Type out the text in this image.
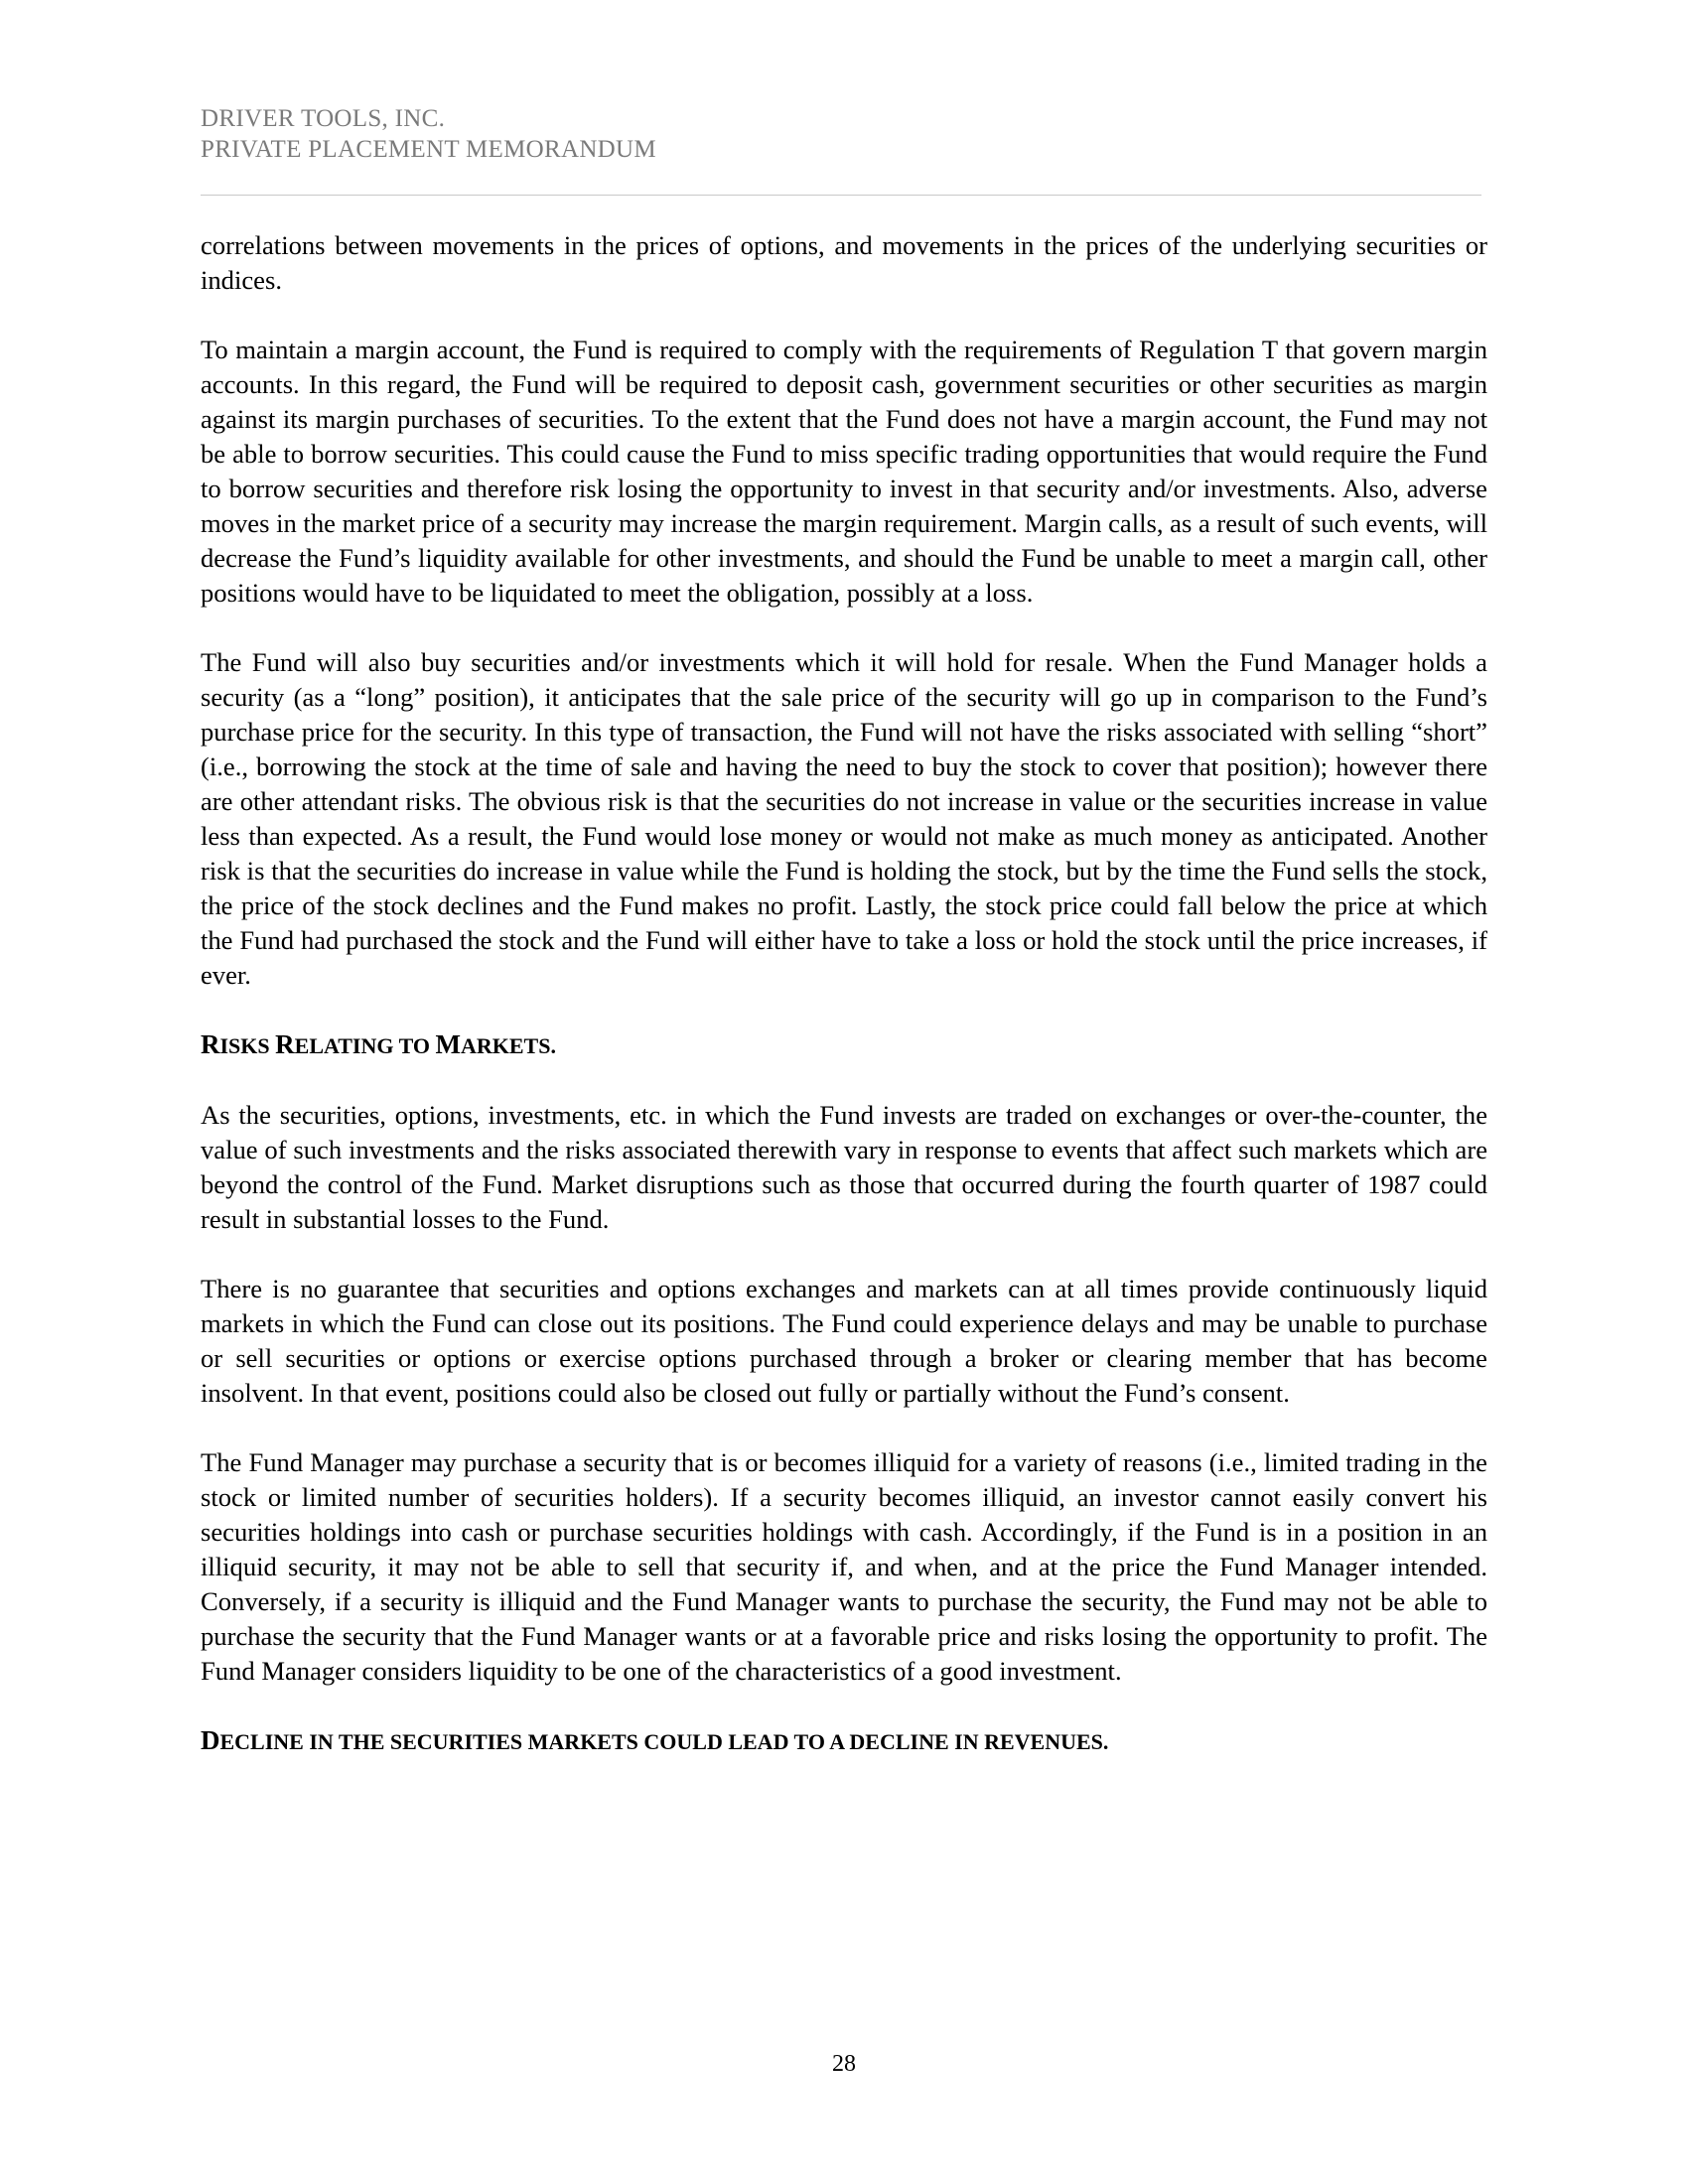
DRIVER TOOLS, INC.
PRIVATE PLACEMENT MEMORANDUM

correlations between movements in the prices of options, and movements in the prices of the underlying securities or indices.

To maintain a margin account, the Fund is required to comply with the requirements of Regulation T that govern margin accounts. In this regard, the Fund will be required to deposit cash, government securities or other securities as margin against its margin purchases of securities. To the extent that the Fund does not have a margin account, the Fund may not be able to borrow securities. This could cause the Fund to miss specific trading opportunities that would require the Fund to borrow securities and therefore risk losing the opportunity to invest in that security and/or investments. Also, adverse moves in the market price of a security may increase the margin requirement. Margin calls, as a result of such events, will decrease the Fund’s liquidity available for other investments, and should the Fund be unable to meet a margin call, other positions would have to be liquidated to meet the obligation, possibly at a loss.

The Fund will also buy securities and/or investments which it will hold for resale. When the Fund Manager holds a security (as a “long” position), it anticipates that the sale price of the security will go up in comparison to the Fund’s purchase price for the security. In this type of transaction, the Fund will not have the risks associated with selling “short” (i.e., borrowing the stock at the time of sale and having the need to buy the stock to cover that position); however there are other attendant risks. The obvious risk is that the securities do not increase in value or the securities increase in value less than expected. As a result, the Fund would lose money or would not make as much money as anticipated. Another risk is that the securities do increase in value while the Fund is holding the stock, but by the time the Fund sells the stock, the price of the stock declines and the Fund makes no profit. Lastly, the stock price could fall below the price at which the Fund had purchased the stock and the Fund will either have to take a loss or hold the stock until the price increases, if ever.

RISKS RELATING TO MARKETS.

As the securities, options, investments, etc. in which the Fund invests are traded on exchanges or over-the-counter, the value of such investments and the risks associated therewith vary in response to events that affect such markets which are beyond the control of the Fund. Market disruptions such as those that occurred during the fourth quarter of 1987 could result in substantial losses to the Fund.

There is no guarantee that securities and options exchanges and markets can at all times provide continuously liquid markets in which the Fund can close out its positions. The Fund could experience delays and may be unable to purchase or sell securities or options or exercise options purchased through a broker or clearing member that has become insolvent. In that event, positions could also be closed out fully or partially without the Fund’s consent.

The Fund Manager may purchase a security that is or becomes illiquid for a variety of reasons (i.e., limited trading in the stock or limited number of securities holders). If a security becomes illiquid, an investor cannot easily convert his securities holdings into cash or purchase securities holdings with cash. Accordingly, if the Fund is in a position in an illiquid security, it may not be able to sell that security if, and when, and at the price the Fund Manager intended. Conversely, if a security is illiquid and the Fund Manager wants to purchase the security, the Fund may not be able to purchase the security that the Fund Manager wants or at a favorable price and risks losing the opportunity to profit. The Fund Manager considers liquidity to be one of the characteristics of a good investment.

DECLINE IN THE SECURITIES MARKETS COULD LEAD TO A DECLINE IN REVENUES.
28
